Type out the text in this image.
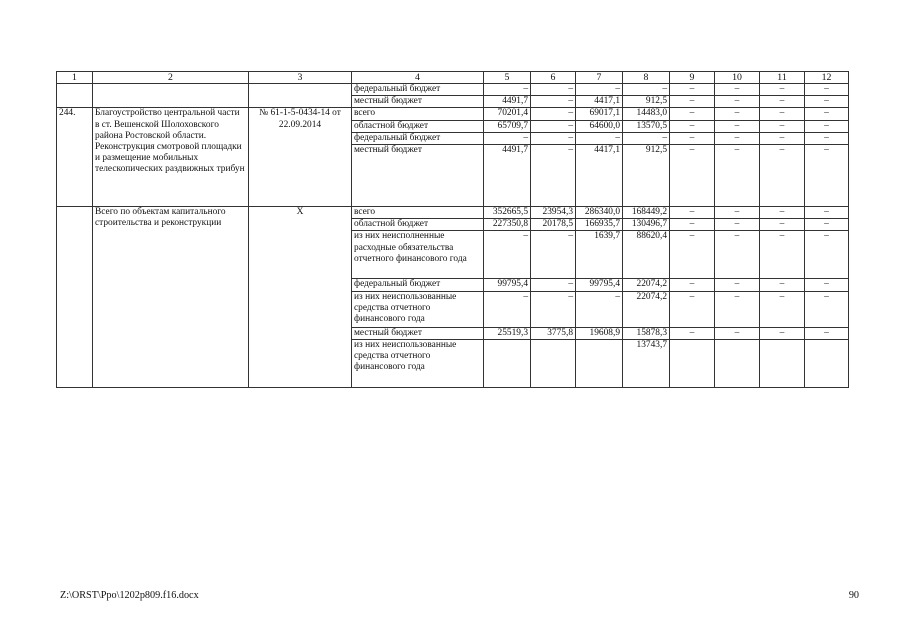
1	2	3	4	5	6	7	8	9	10	11	12
			федеральный бюджет	–	–	–	–	–	–	–	–
			местный бюджет	4491,7	–	4417,1	912,5	–	–	–	–
244.	Благоустройство центральной части в ст. Вешенской Шолоховского района Ростовской области. Реконструкция смотровой площадки и размещение мобильных телескопических раздвижных трибун	№ 61-1-5-0434-14 от 22.09.2014	всего	70201,4	–	69017,1	14483,0	–	–	–	–
			областной бюджет	65709,7	–	64600,0	13570,5	–	–	–	–
			федеральный бюджет	–	–	–	–	–	–	–	–
			местный бюджет	4491,7	–	4417,1	912,5	–	–	–	–
	Всего по объектам капитального строительства и реконструкции	Х	всего	352665,5	23954,3	286340,0	168449,2	–	–	–	–
			областной бюджет	227350,8	20178,5	166935,7	130496,7	–	–	–	–
			из них неисполненные расходные обязательства отчетного финансового года	–	–	1639,7	88620,4	–	–	–	–
			федеральный бюджет	99795,4	–	99795,4	22074,2	–	–	–	–
			из них неиспользованные средства отчетного финансового года	–	–	–	22074,2	–	–	–	–
			местный бюджет	25519,3	3775,8	19608,9	15878,3	–	–	–	–
			из них неиспользованные средства отчетного финансового года				13743,7				
Z:\ORST\Ppo\1202p809.f16.docx	90
